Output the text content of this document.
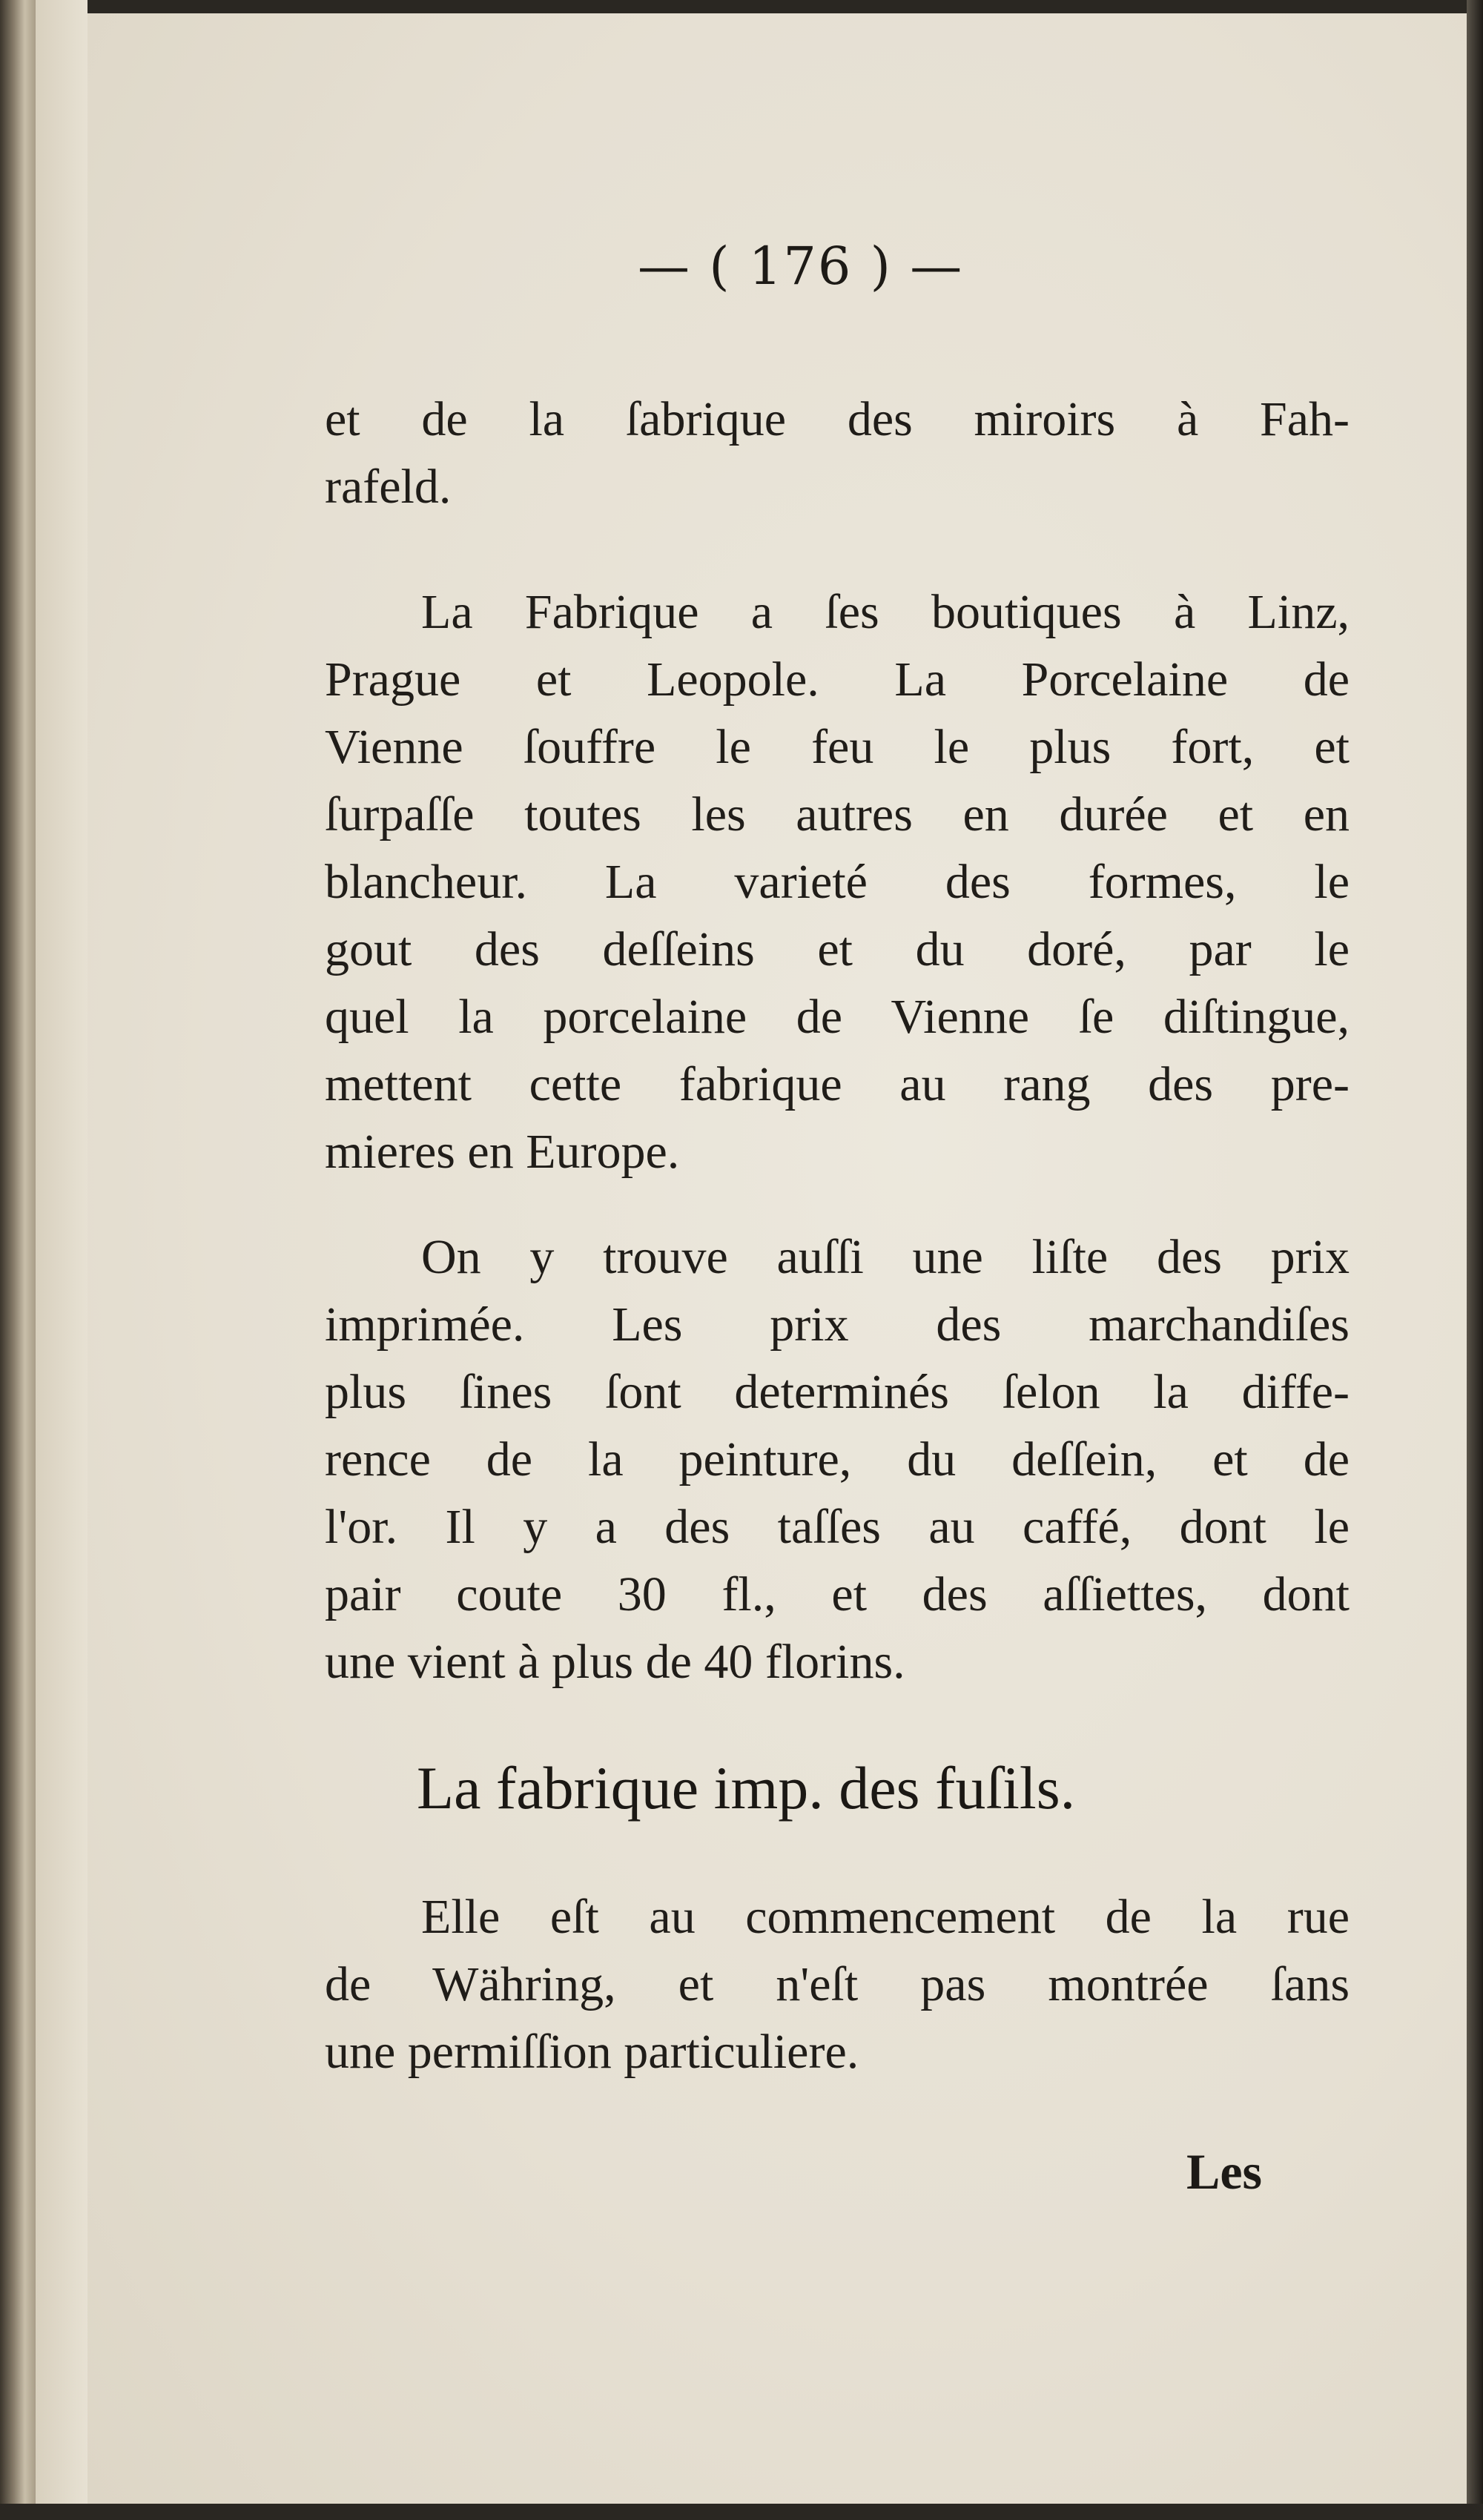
— ( 176 ) —
et de la ſabrique des miroirs à Fah-
rafeld.
La Fabrique a ſes boutiques à Linz,
Prague et Leopole. La Porcelaine de
Vienne ſouffre le feu le plus fort, et
ſurpaſſe toutes les autres en durée et en
blancheur. La varieté des formes, le
gout des deſſeins et du doré, par le
quel la porcelaine de Vienne ſe diſtingue,
mettent cette fabrique au rang des pre-
mieres en Europe.
On y trouve auſſi une liſte des prix
imprimée. Les prix des marchandiſes
plus ſines ſont determinés ſelon la diffe-
rence de la peinture, du deſſein, et de
l'or. Il y a des taſſes au caffé, dont le
pair coute 30 fl., et des aſſiettes, dont
une vient à plus de 40 florins.
La fabrique imp. des fuſils.
Elle eſt au commencement de la rue
de Währing, et n'eſt pas montrée ſans
une permiſſion particuliere.
Les
